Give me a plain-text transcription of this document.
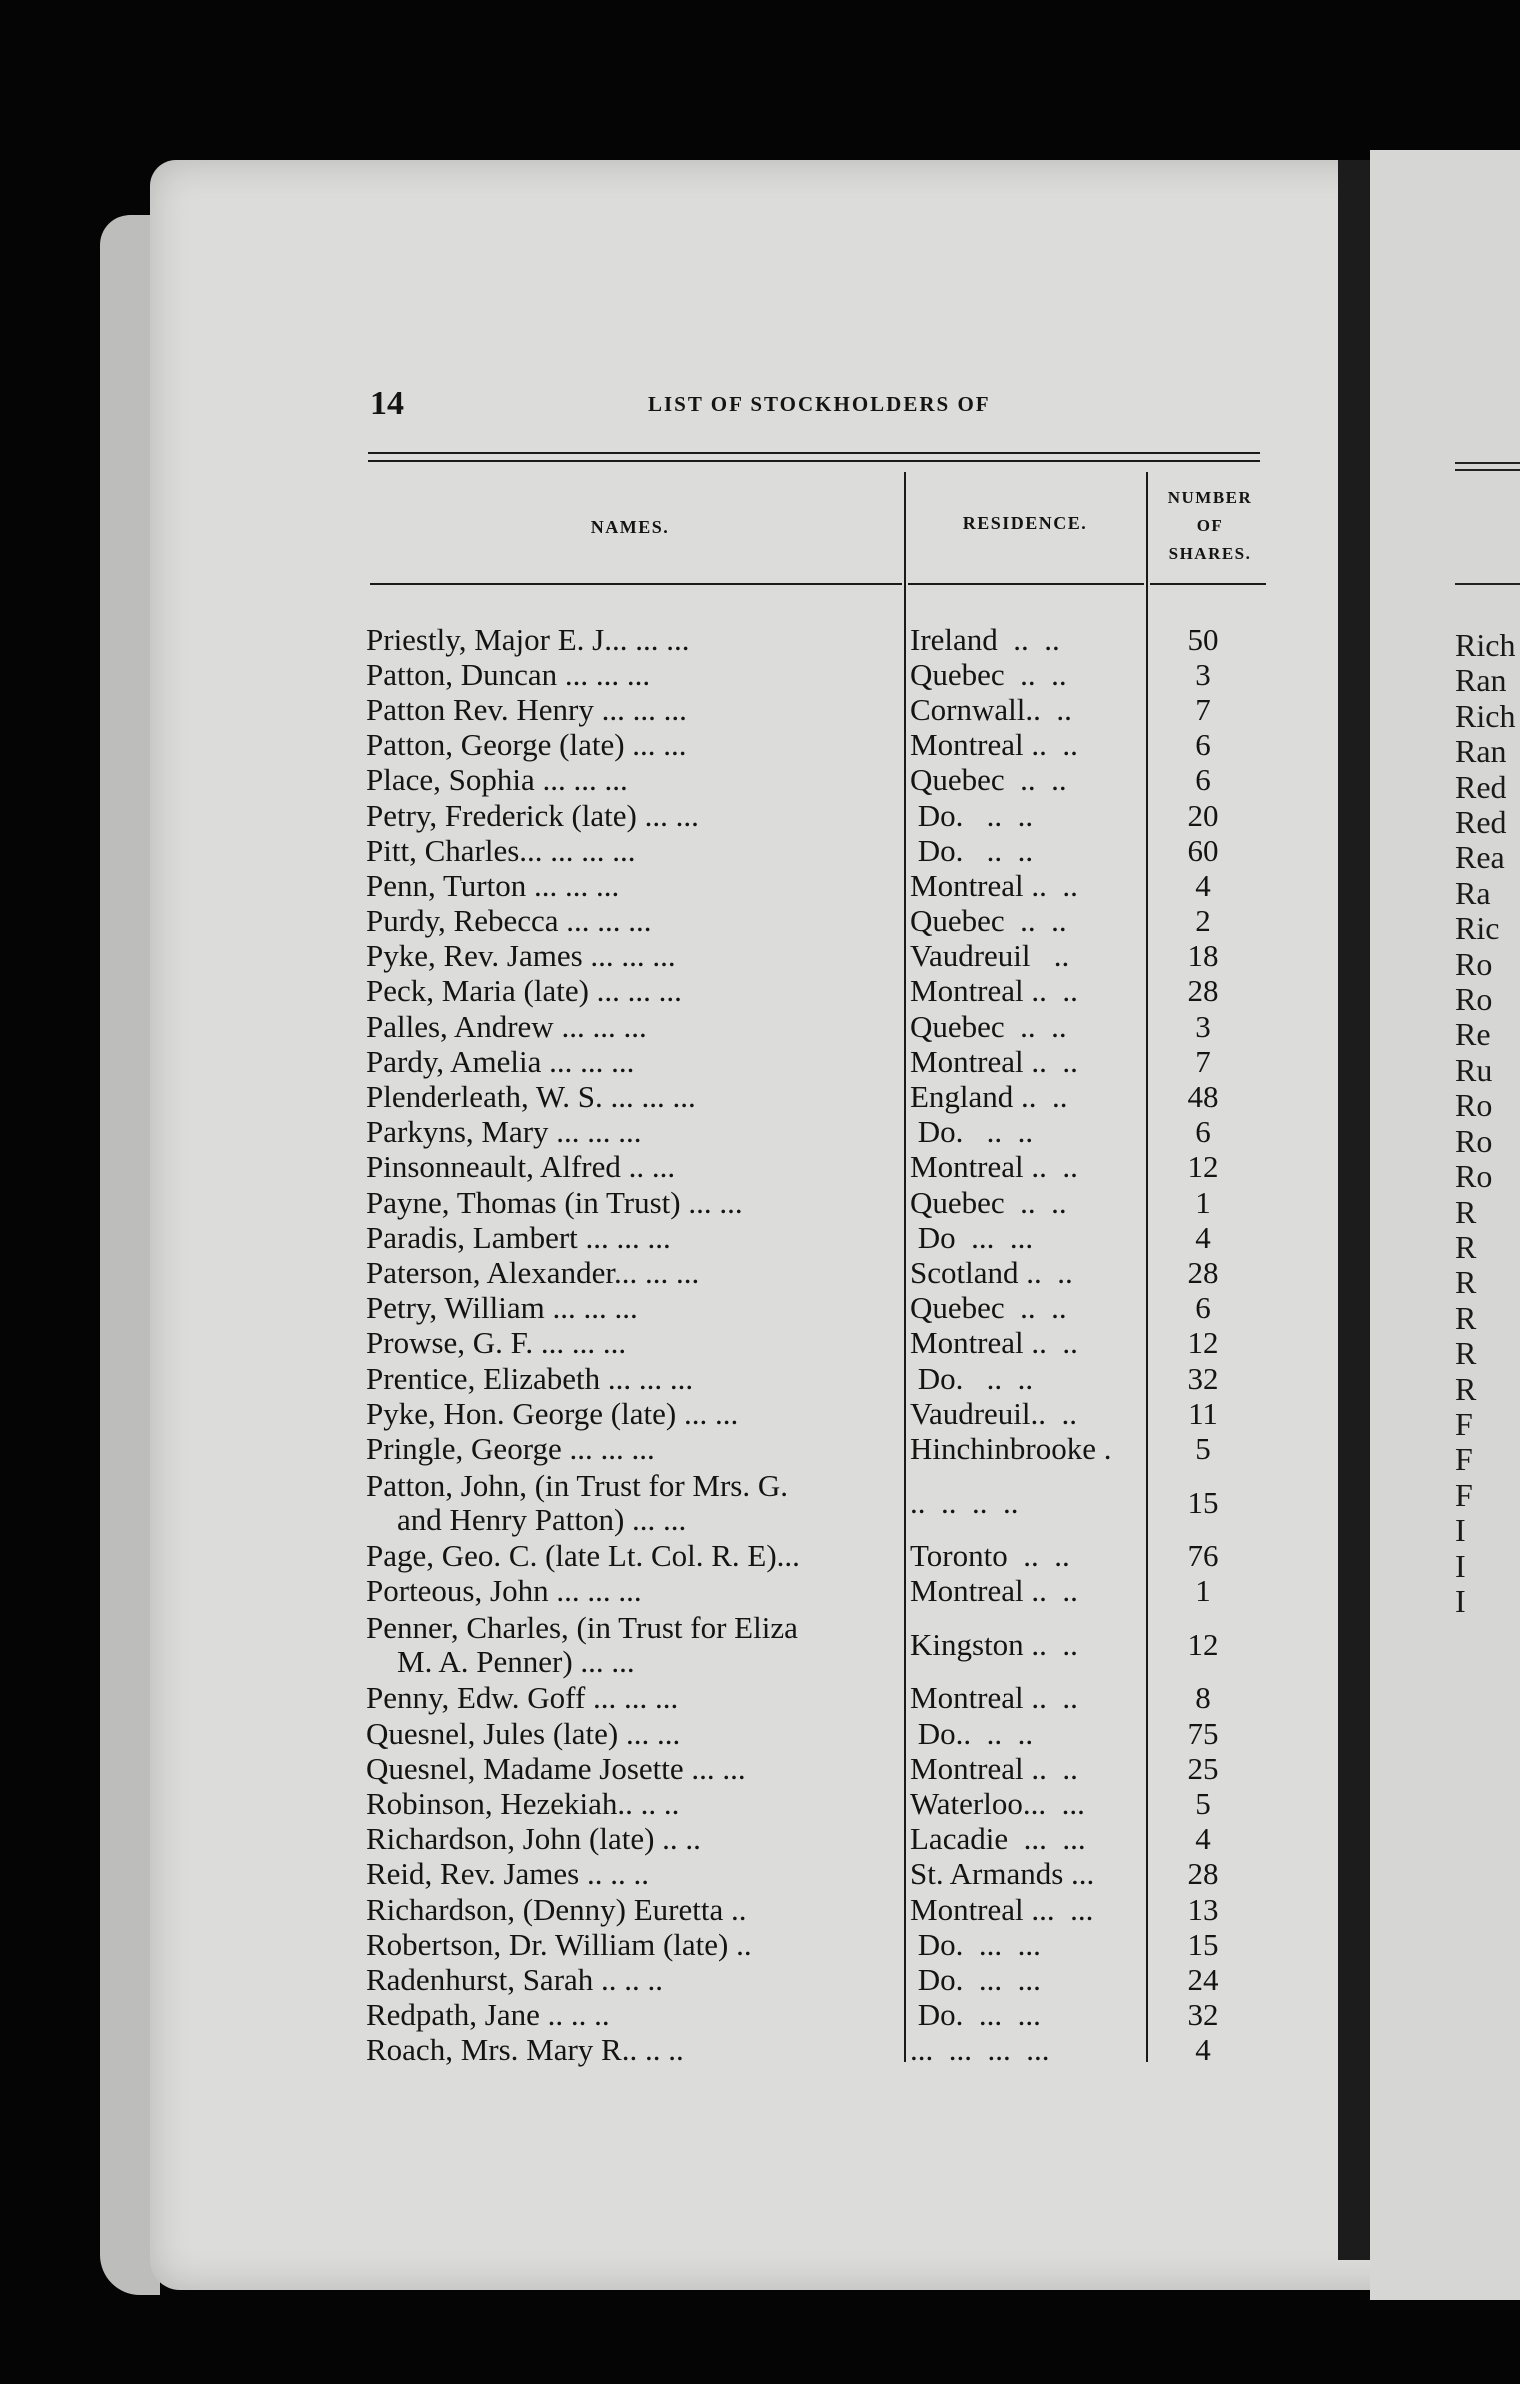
Rich
Ran
Rich
Ran
Red
Red
Rea
Ra
Ric
Ro
Ro
Re
Ru
Ro
Ro
Ro
R
R
R
R
R
R
F
F
F
I
I
I
14	LIST OF STOCKHOLDERS OF
NAMES.	RESIDENCE.
NUMBER
OF
SHARES.
Priestly, Major E. J... ... ...	Ireland  ..  ..	50
Patton, Duncan ... ... ...	Quebec  ..  ..	3
Patton Rev. Henry ... ... ...	Cornwall..  ..	7
Patton, George (late) ... ...	Montreal ..  ..	6
Place, Sophia ... ... ...	Quebec  ..  ..	6
Petry, Frederick (late) ... ...	Do.   ..  ..	20
Pitt, Charles... ... ... ...	Do.   ..  ..	60
Penn, Turton ... ... ...	Montreal ..  ..	4
Purdy, Rebecca ... ... ...	Quebec  ..  ..	2
Pyke, Rev. James ... ... ...	Vaudreuil   ..	18
Peck, Maria (late) ... ... ...	Montreal ..  ..	28
Palles, Andrew ... ... ...	Quebec  ..  ..	3
Pardy, Amelia ... ... ...	Montreal ..  ..	7
Plenderleath, W. S. ... ... ...	England ..  ..	48
Parkyns, Mary ... ... ...	Do.   ..  ..	6
Pinsonneault, Alfred .. ...	Montreal ..  ..	12
Payne, Thomas (in Trust) ... ...	Quebec  ..  ..	1
Paradis, Lambert ... ... ...	Do  ...  ...	4
Paterson, Alexander... ... ...	Scotland ..  ..	28
Petry, William ... ... ...	Quebec  ..  ..	6
Prowse, G. F. ... ... ...	Montreal ..  ..	12
Prentice, Elizabeth ... ... ...	Do.   ..  ..	32
Pyke, Hon. George (late) ... ...	Vaudreuil..  ..	11
Pringle, George ... ... ...	Hinchinbrooke .	5
Patton, John, (in Trust for Mrs. G.
and Henry Patton) ... ...	..  ..  ..  ..	15
Page, Geo. C. (late Lt. Col. R. E)...	Toronto  ..  ..	76
Porteous, John ... ... ...	Montreal ..  ..	1
Penner, Charles, (in Trust for Eliza
M. A. Penner) ... ...	Kingston ..  ..	12
Penny, Edw. Goff ... ... ...	Montreal ..  ..	8
Quesnel, Jules (late) ... ...	Do..  ..  ..	75
Quesnel, Madame Josette ... ...	Montreal ..  ..	25
Robinson, Hezekiah.. .. ..	Waterloo...  ...	5
Richardson, John (late) .. ..	Lacadie  ...  ...	4
Reid, Rev. James .. .. ..	St. Armands ...	28
Richardson, (Denny) Euretta ..	Montreal ...  ...	13
Robertson, Dr. William (late) ..	Do.  ...  ...	15
Radenhurst, Sarah .. .. ..	Do.  ...  ...	24
Redpath, Jane .. .. ..	Do.  ...  ...	32
Roach, Mrs. Mary R.. .. ..	...  ...  ...  ...	4
